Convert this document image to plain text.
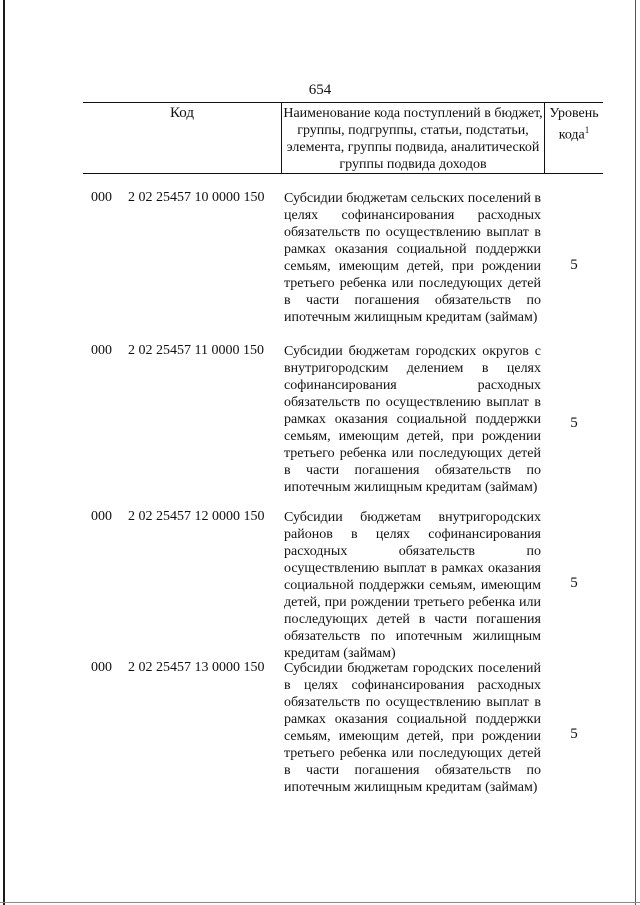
654
Код	Наименование кода поступлений в бюджет, группы, подгруппы, статьи, подстатьи, элемента, группы подвида, аналитической группы подвида доходов
Уровень кода$^1$
000 2 02 25457 10 0000 150 Субсидии бюджетам сельских поселений в целях софинансирования расходных обязательств по осуществлению выплат в рамках оказания социальной поддержки семьям, имеющим детей, при рождении третьего ребенка или последующих детей в части погашения обязательств по ипотечным жилищным кредитам (займам)
5
000 2 02 25457 11 0000 150 Субсидии бюджетам городских округов с внутригородским делением в целях софинансирования расходных обязательств по осуществлению выплат в рамках оказания социальной поддержки семьям, имеющим детей, при рождении третьего ребенка или последующих детей в части погашения обязательств по ипотечным жилищным кредитам (займам)
5
000 2 02 25457 12 0000 150 Субсидии бюджетам внутригородских районов в целях софинансирования расходных обязательств по осуществлению выплат в рамках оказания социальной поддержки семьям, имеющим детей, при рождении третьего ребенка или последующих детей в части погашения обязательств по ипотечным жилищным кредитам (займам)
5
000 2 02 25457 13 0000 150 Субсидии бюджетам городских поселений в целях софинансирования расходных обязательств по осуществлению выплат в рамках оказания социальной поддержки семьям, имеющим детей, при рождении третьего ребенка или последующих детей в части погашения обязательств по ипотечным жилищным кредитам (займам)
5
